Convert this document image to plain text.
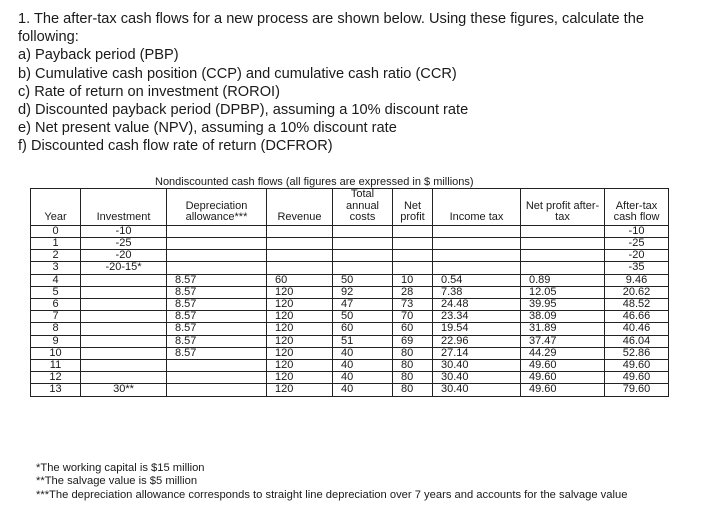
1. The after-tax cash flows for a new process are shown below. Using these figures, calculate the following:

a) Payback period (PBP)

b) Cumulative cash position (CCP) and cumulative cash ratio (CCR)

c) Rate of return on investment (ROROI)

d) Discounted payback period (DPBP), assuming a 10% discount rate

e) Net present value (NPV), assuming a 10% discount rate

f) Discounted cash flow rate of return (DCFROR)

Nondiscounted cash flows (all figures are expressed in $ millions)
Year	Investment	Depreciation allowance***	Revenue	Total annual costs	Net profit	Income tax	Net profit after-tax	After-tax cash flow
0	-10							-10
1	-25							-25
2	-20							-20
3	-20-15*							-35
4		8.57	60	50	10	0.54	0.89	9.46
5		8.57	120	92	28	7.38	12.05	20.62
6		8.57	120	47	73	24.48	39.95	48.52
7		8.57	120	50	70	23.34	38.09	46.66
8		8.57	120	60	60	19.54	31.89	40.46
9		8.57	120	51	69	22.96	37.47	46.04
10		8.57	120	40	80	27.14	44.29	52.86
11			120	40	80	30.40	49.60	49.60
12			120	40	80	30.40	49.60	49.60
13	30**		120	40	80	30.40	49.60	79.60

*The working capital is $15 million

**The salvage value is $5 million

***The depreciation allowance corresponds to straight line depreciation over 7 years and accounts for the salvage value
